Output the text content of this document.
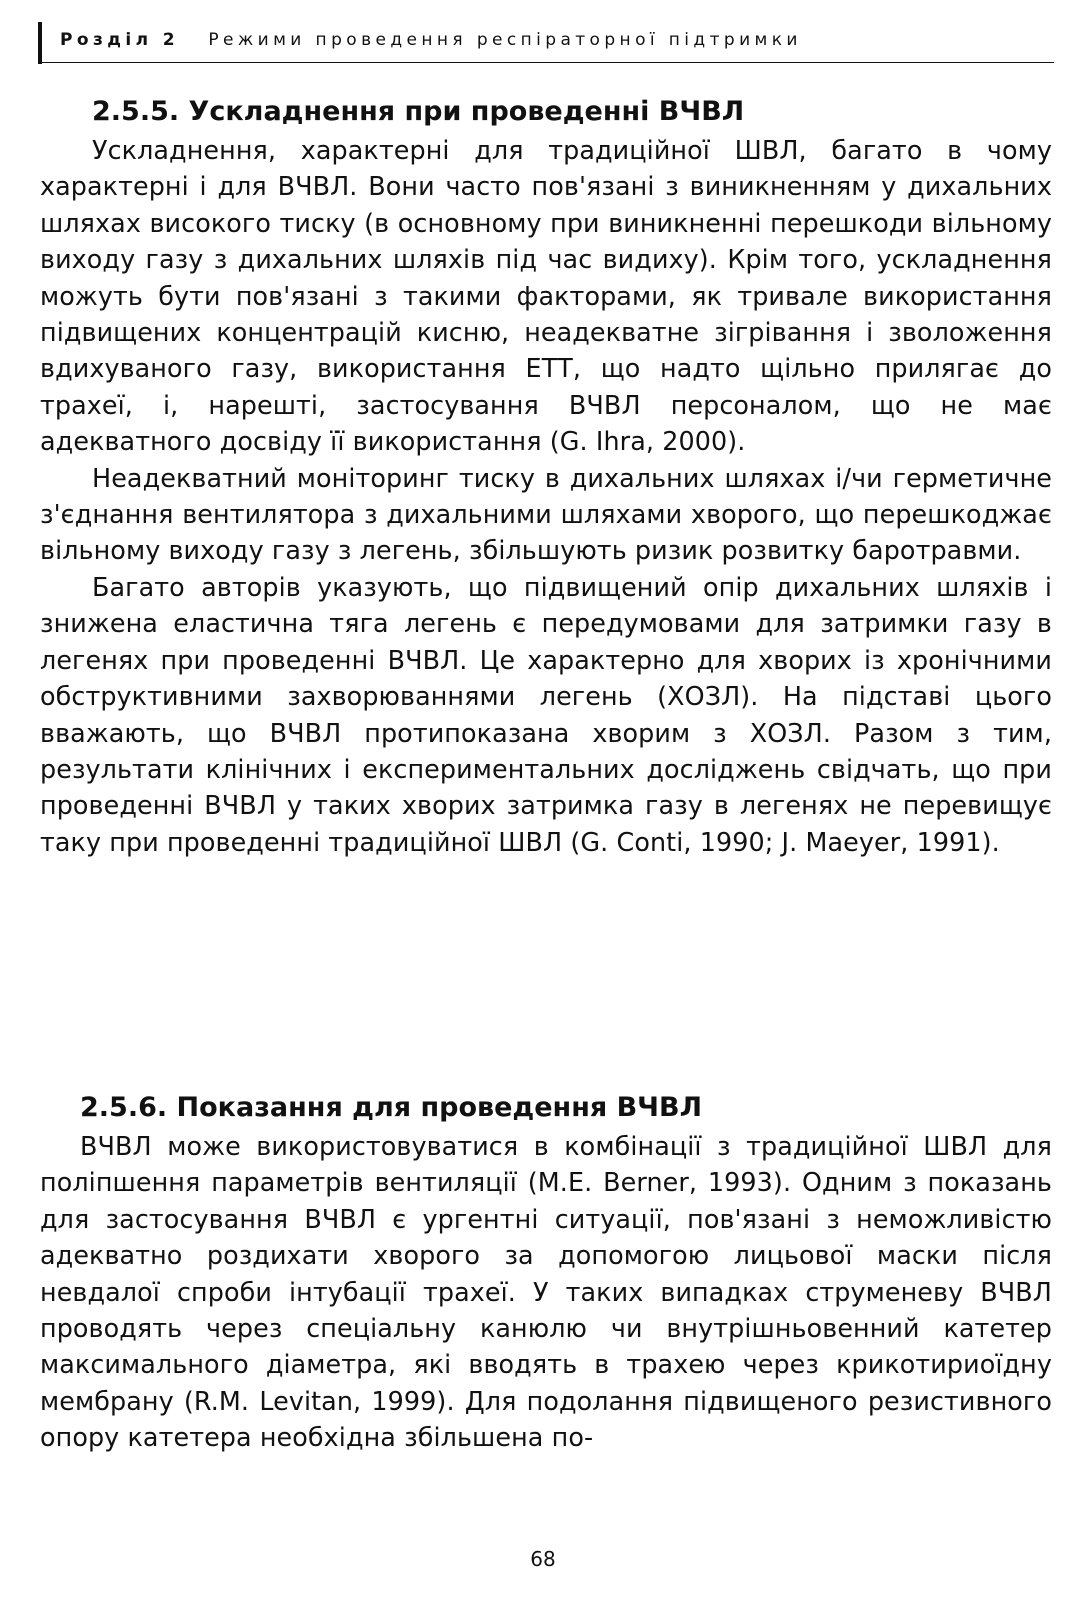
Розділ 2 Режими проведення респіраторної підтримки
2.5.5. Ускладнення при проведенні ВЧВЛ

Ускладнення, характерні для традиційної ШВЛ, багато в чому характерні і для ВЧВЛ. Вони часто пов'язані з виникненням у дихальних шляхах високого тиску (в основному при виникненні перешкоди вільному виходу газу з дихальних шляхів під час видиху). Крім того, ускладнення можуть бути пов'язані з такими факторами, як тривале використання підвищених концентрацій кисню, неадекватне зігрівання і зволоження вдихуваного газу, використання ЕТТ, що надто щільно прилягає до трахеї, і, нарешті, застосування ВЧВЛ персоналом, що не має адекватного досвіду її використання (G. Ihra, 2000).

Неадекватний моніторинг тиску в дихальних шляхах і/чи герметичне з'єднання вентилятора з дихальними шляхами хворого, що перешкоджає вільному виходу газу з легень, збільшують ризик розвитку баротравми.

Багато авторів указують, що підвищений опір дихальних шляхів і знижена еластична тяга легень є передумовами для затримки газу в легенях при проведенні ВЧВЛ. Це характерно для хворих із хронічними обструктивними захворюваннями легень (ХОЗЛ). На підставі цього вважають, що ВЧВЛ протипоказана хворим з ХОЗЛ. Разом з тим, результати клінічних і експериментальних досліджень свідчать, що при проведенні ВЧВЛ у таких хворих затримка газу в легенях не перевищує таку при проведенні традиційної ШВЛ (G. Conti, 1990; J. Maeyer, 1991).

2.5.6. Показання для проведення ВЧВЛ

ВЧВЛ може використовуватися в комбінації з традиційної ШВЛ для поліпшення параметрів вентиляції (M.E. Berner, 1993). Одним з показань для застосування ВЧВЛ є ургентні ситуації, пов'язані з неможливістю адекватно роздихати хворого за допомогою лицьової маски після невдалої спроби інтубації трахеї. У таких випадках струменеву ВЧВЛ проводять через спеціальну канюлю чи внутрішньовенний катетер максимального діаметра, які вводять в трахею через крикотириоїдну мембрану (R.M. Levitan, 1999). Для подолання підвищеного резистивного опору катетера необхідна збільшена по-

68
